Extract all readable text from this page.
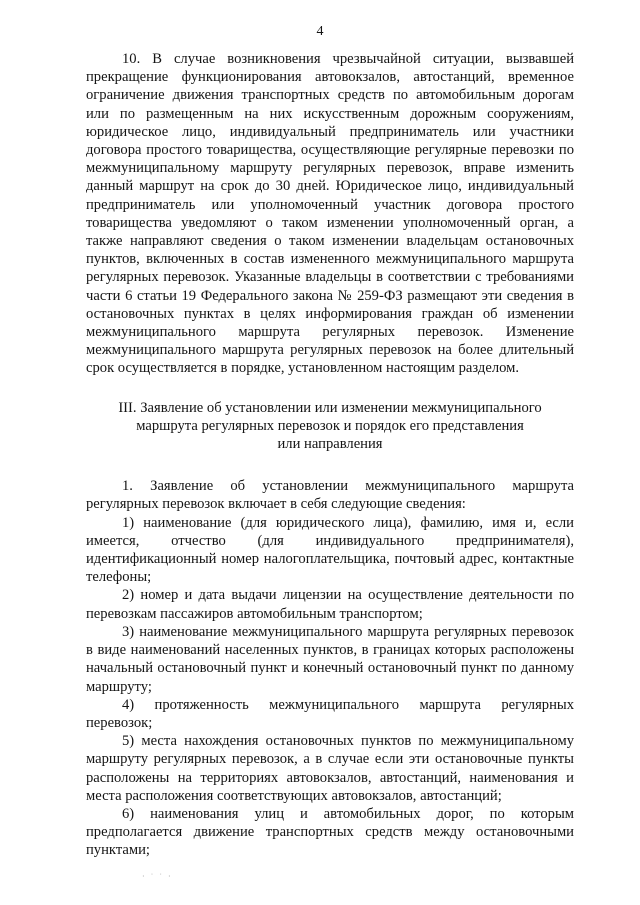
4

10. В случае возникновения чрезвычайной ситуации, вызвавшей прекращение функционирования автовокзалов, автостанций, временное ограничение движения транспортных средств по автомобильным дорогам или по размещенным на них искусственным дорожным сооружениям, юридическое лицо, индивидуальный предприниматель или участники договора простого товарищества, осуществляющие регулярные перевозки по межмуниципальному маршруту регулярных перевозок, вправе изменить данный маршрут на срок до 30 дней. Юридическое лицо, индивидуальный предприниматель или уполномоченный участник договора простого товарищества уведомляют о таком изменении уполномоченный орган, а также направляют сведения о таком изменении владельцам остановочных пунктов, включенных в состав измененного межмуниципального маршрута регулярных перевозок. Указанные владельцы в соответствии с требованиями части 6 статьи 19 Федерального закона № 259-ФЗ размещают эти сведения в остановочных пунктах в целях информирования граждан об изменении межмуниципального маршрута регулярных перевозок. Изменение межмуниципального маршрута регулярных перевозок на более длительный срок осуществляется в порядке, установленном настоящим разделом.

III. Заявление об установлении или изменении межмуниципального
маршрута регулярных перевозок и порядок его представления
или направления

1. Заявление об установлении межмуниципального маршрута регулярных перевозок включает в себя следующие сведения:

1) наименование (для юридического лица), фамилию, имя и, если имеется, отчество (для индивидуального предпринимателя), идентификационный номер налогоплательщика, почтовый адрес, контактные телефоны;

2) номер и дата выдачи лицензии на осуществление деятельности по перевозкам пассажиров автомобильным транспортом;

3) наименование межмуниципального маршрута регулярных перевозок в виде наименований населенных пунктов, в границах которых расположены начальный остановочный пункт и конечный остановочный пункт по данному маршруту;

4) протяженность межмуниципального маршрута регулярных перевозок;

5) места нахождения остановочных пунктов по межмуниципальному маршруту регулярных перевозок, а в случае если эти остановочные пункты расположены на территориях автовокзалов, автостанций, наименования и места расположения соответствующих автовокзалов, автостанций;

6) наименования улиц и автомобильных дорог, по которым предполагается движение транспортных средств между остановочными пунктами;

· ˙ ˙ ·
